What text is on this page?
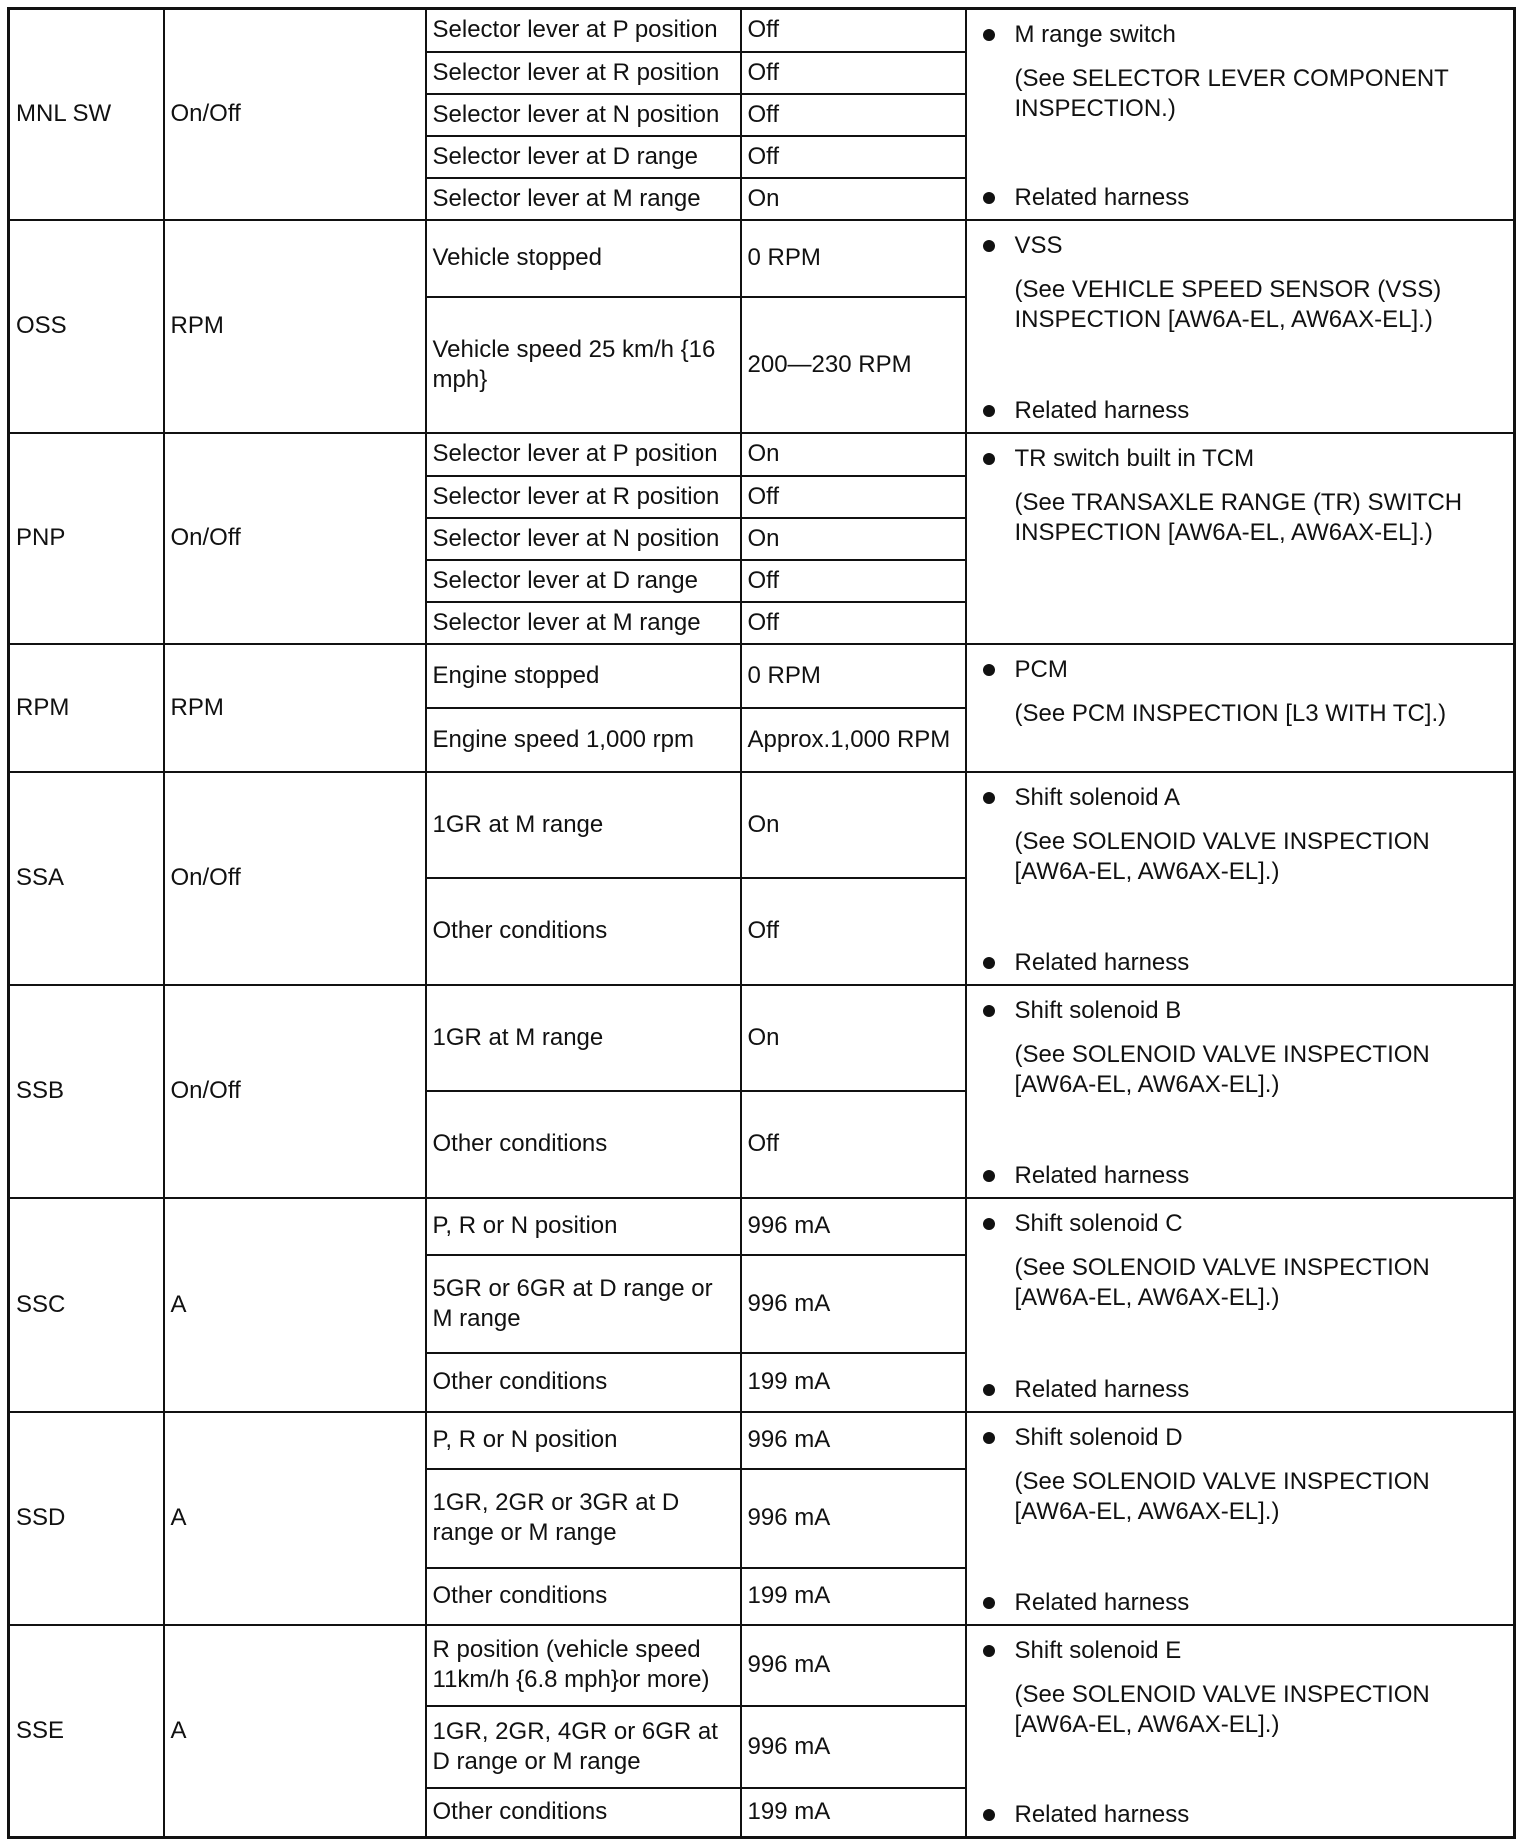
MNL SW	On/Off	Selector lever at P position	Off	M range switch
(See SELECTOR LEVER COMPONENT INSPECTION.)
Related harness

		Selector lever at R position	Off	
		Selector lever at N position	Off	
		Selector lever at D range	Off	
		Selector lever at M range	On	
OSS	RPM	Vehicle stopped	0 RPM	VSS
(See VEHICLE SPEED SENSOR (VSS) INSPECTION [AW6A-EL, AW6AX-EL].)
Related harness

		Vehicle speed 25 km/h {16 mph}	200—230 RPM	
PNP	On/Off	Selector lever at P position	On	TR switch built in TCM
(See TRANSAXLE RANGE (TR) SWITCH INSPECTION [AW6A-EL, AW6AX-EL].)

		Selector lever at R position	Off	
		Selector lever at N position	On	
		Selector lever at D range	Off	
		Selector lever at M range	Off	
RPM	RPM	Engine stopped	0 RPM	PCM
(See PCM INSPECTION [L3 WITH TC].)

		Engine speed 1,000 rpm	Approx.1,000 RPM	
SSA	On/Off	1GR at M range	On	Shift solenoid A
(See SOLENOID VALVE INSPECTION [AW6A-EL, AW6AX-EL].)
Related harness

		Other conditions	Off	
SSB	On/Off	1GR at M range	On	Shift solenoid B
(See SOLENOID VALVE INSPECTION [AW6A-EL, AW6AX-EL].)
Related harness

		Other conditions	Off	
SSC	A	P, R or N position	996 mA	Shift solenoid C
(See SOLENOID VALVE INSPECTION [AW6A-EL, AW6AX-EL].)
Related harness

		5GR or 6GR at D range or M range	996 mA	
		Other conditions	199 mA	
SSD	A	P, R or N position	996 mA	Shift solenoid D
(See SOLENOID VALVE INSPECTION [AW6A-EL, AW6AX-EL].)
Related harness

		1GR, 2GR or 3GR at D range or M range	996 mA	
		Other conditions	199 mA	
SSE	A	R position (vehicle speed 11km/h {6.8 mph}or more)	996 mA	Shift solenoid E
(See SOLENOID VALVE INSPECTION [AW6A-EL, AW6AX-EL].)
Related harness

		1GR, 2GR, 4GR or 6GR at D range or M range	996 mA	
		Other conditions	199 mA	
